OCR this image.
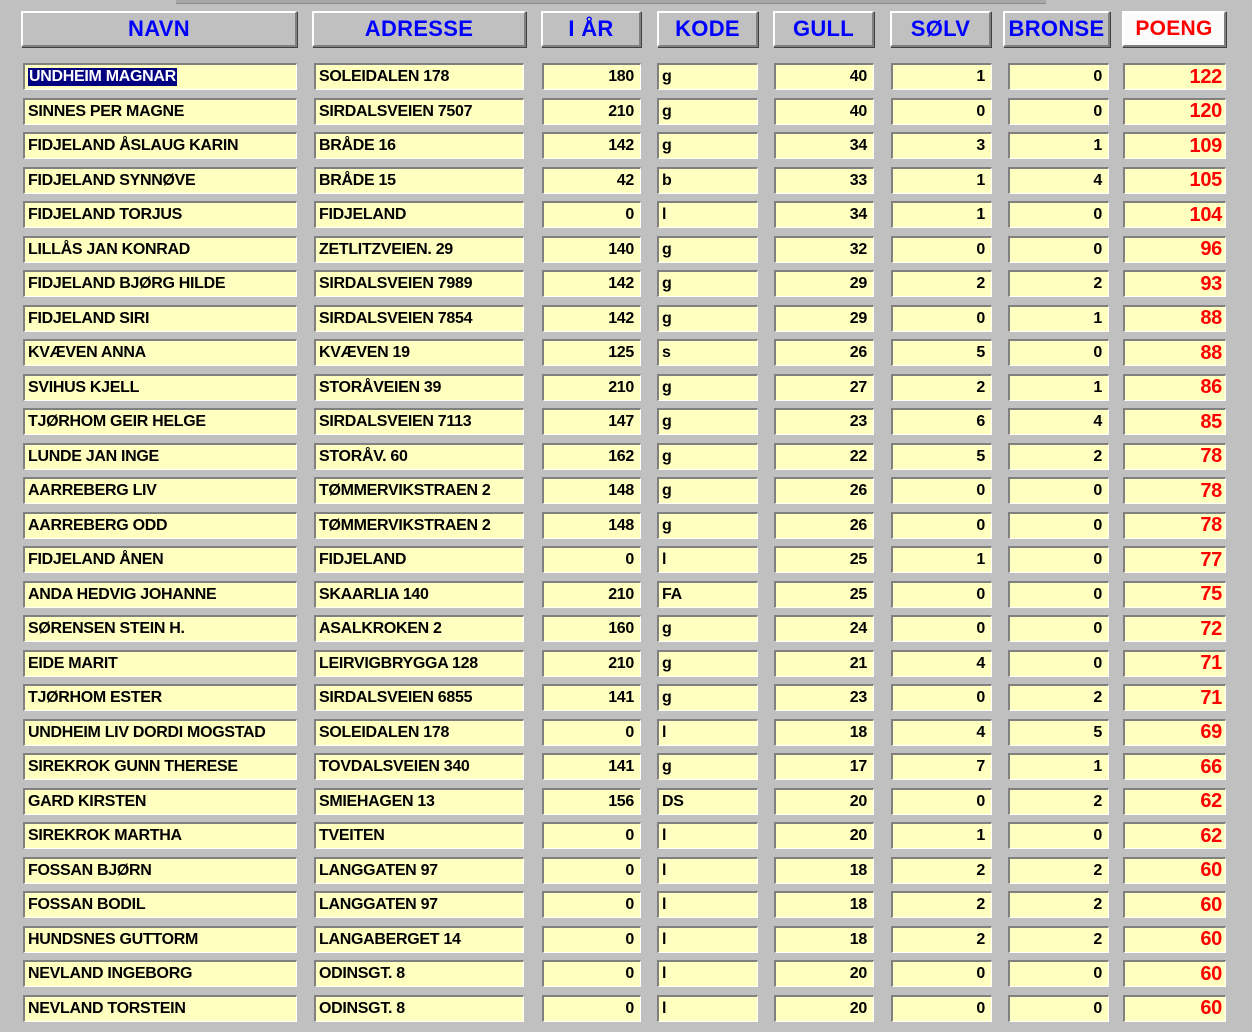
NAVN	ADRESSE	I ÅR	KODE	GULL	SØLV	BRONSE	POENG
UNDHEIM MAGNAR	SOLEIDALEN 178	180 g	40	1	0	122
SINNES PER MAGNE	SIRDALSVEIEN 7507	210 g	40	0	0	120
FIDJELAND ÅSLAUG KARIN	BRÅDE 16	142 g	34	3	1	109
FIDJELAND SYNNØVE	BRÅDE 15	42 b	33	1	4	105
FIDJELAND TORJUS	FIDJELAND	0 l	34	1	0	104
LILLÅS JAN KONRAD	ZETLITZVEIEN. 29	140 g	32	0	0	96
FIDJELAND BJØRG HILDE	SIRDALSVEIEN 7989	142 g	29	2	2	93
FIDJELAND SIRI	SIRDALSVEIEN 7854	142 g	29	0	1	88
KVÆVEN ANNA	KVÆVEN 19	125 s	26	5	0	88
SVIHUS KJELL	STORÅVEIEN 39	210 g	27	2	1	86
TJØRHOM GEIR HELGE	SIRDALSVEIEN 7113	147 g	23	6	4	85
LUNDE JAN INGE	STORÅV. 60	162 g	22	5	2	78
AARREBERG LIV	TØMMERVIKSTRAEN 2	148 g	26	0	0	78
AARREBERG ODD	TØMMERVIKSTRAEN 2	148 g	26	0	0	78
FIDJELAND ÅNEN	FIDJELAND	0 l	25	1	0	77
ANDA HEDVIG JOHANNE	SKAARLIA 140	210 FA	25	0	0	75
SØRENSEN STEIN H.	ASALKROKEN 2	160 g	24	0	0	72
EIDE MARIT	LEIRVIGBRYGGA 128	210 g	21	4	0	71
TJØRHOM ESTER	SIRDALSVEIEN 6855	141 g	23	0	2	71
UNDHEIM LIV DORDI MOGSTAD	SOLEIDALEN 178	0 l	18	4	5	69
SIREKROK GUNN THERESE	TOVDALSVEIEN 340	141 g	17	7	1	66
GARD KIRSTEN	SMIEHAGEN 13	156 DS	20	0	2	62
SIREKROK MARTHA	TVEITEN	0 l	20	1	0	62
FOSSAN BJØRN	LANGGATEN 97	0 l	18	2	2	60
FOSSAN BODIL	LANGGATEN 97	0 l	18	2	2	60
HUNDSNES GUTTORM	LANGABERGET 14	0 l	18	2	2	60
NEVLAND INGEBORG	ODINSGT. 8	0 l	20	0	0	60
NEVLAND TORSTEIN	ODINSGT. 8	0 l	20	0	0	60
